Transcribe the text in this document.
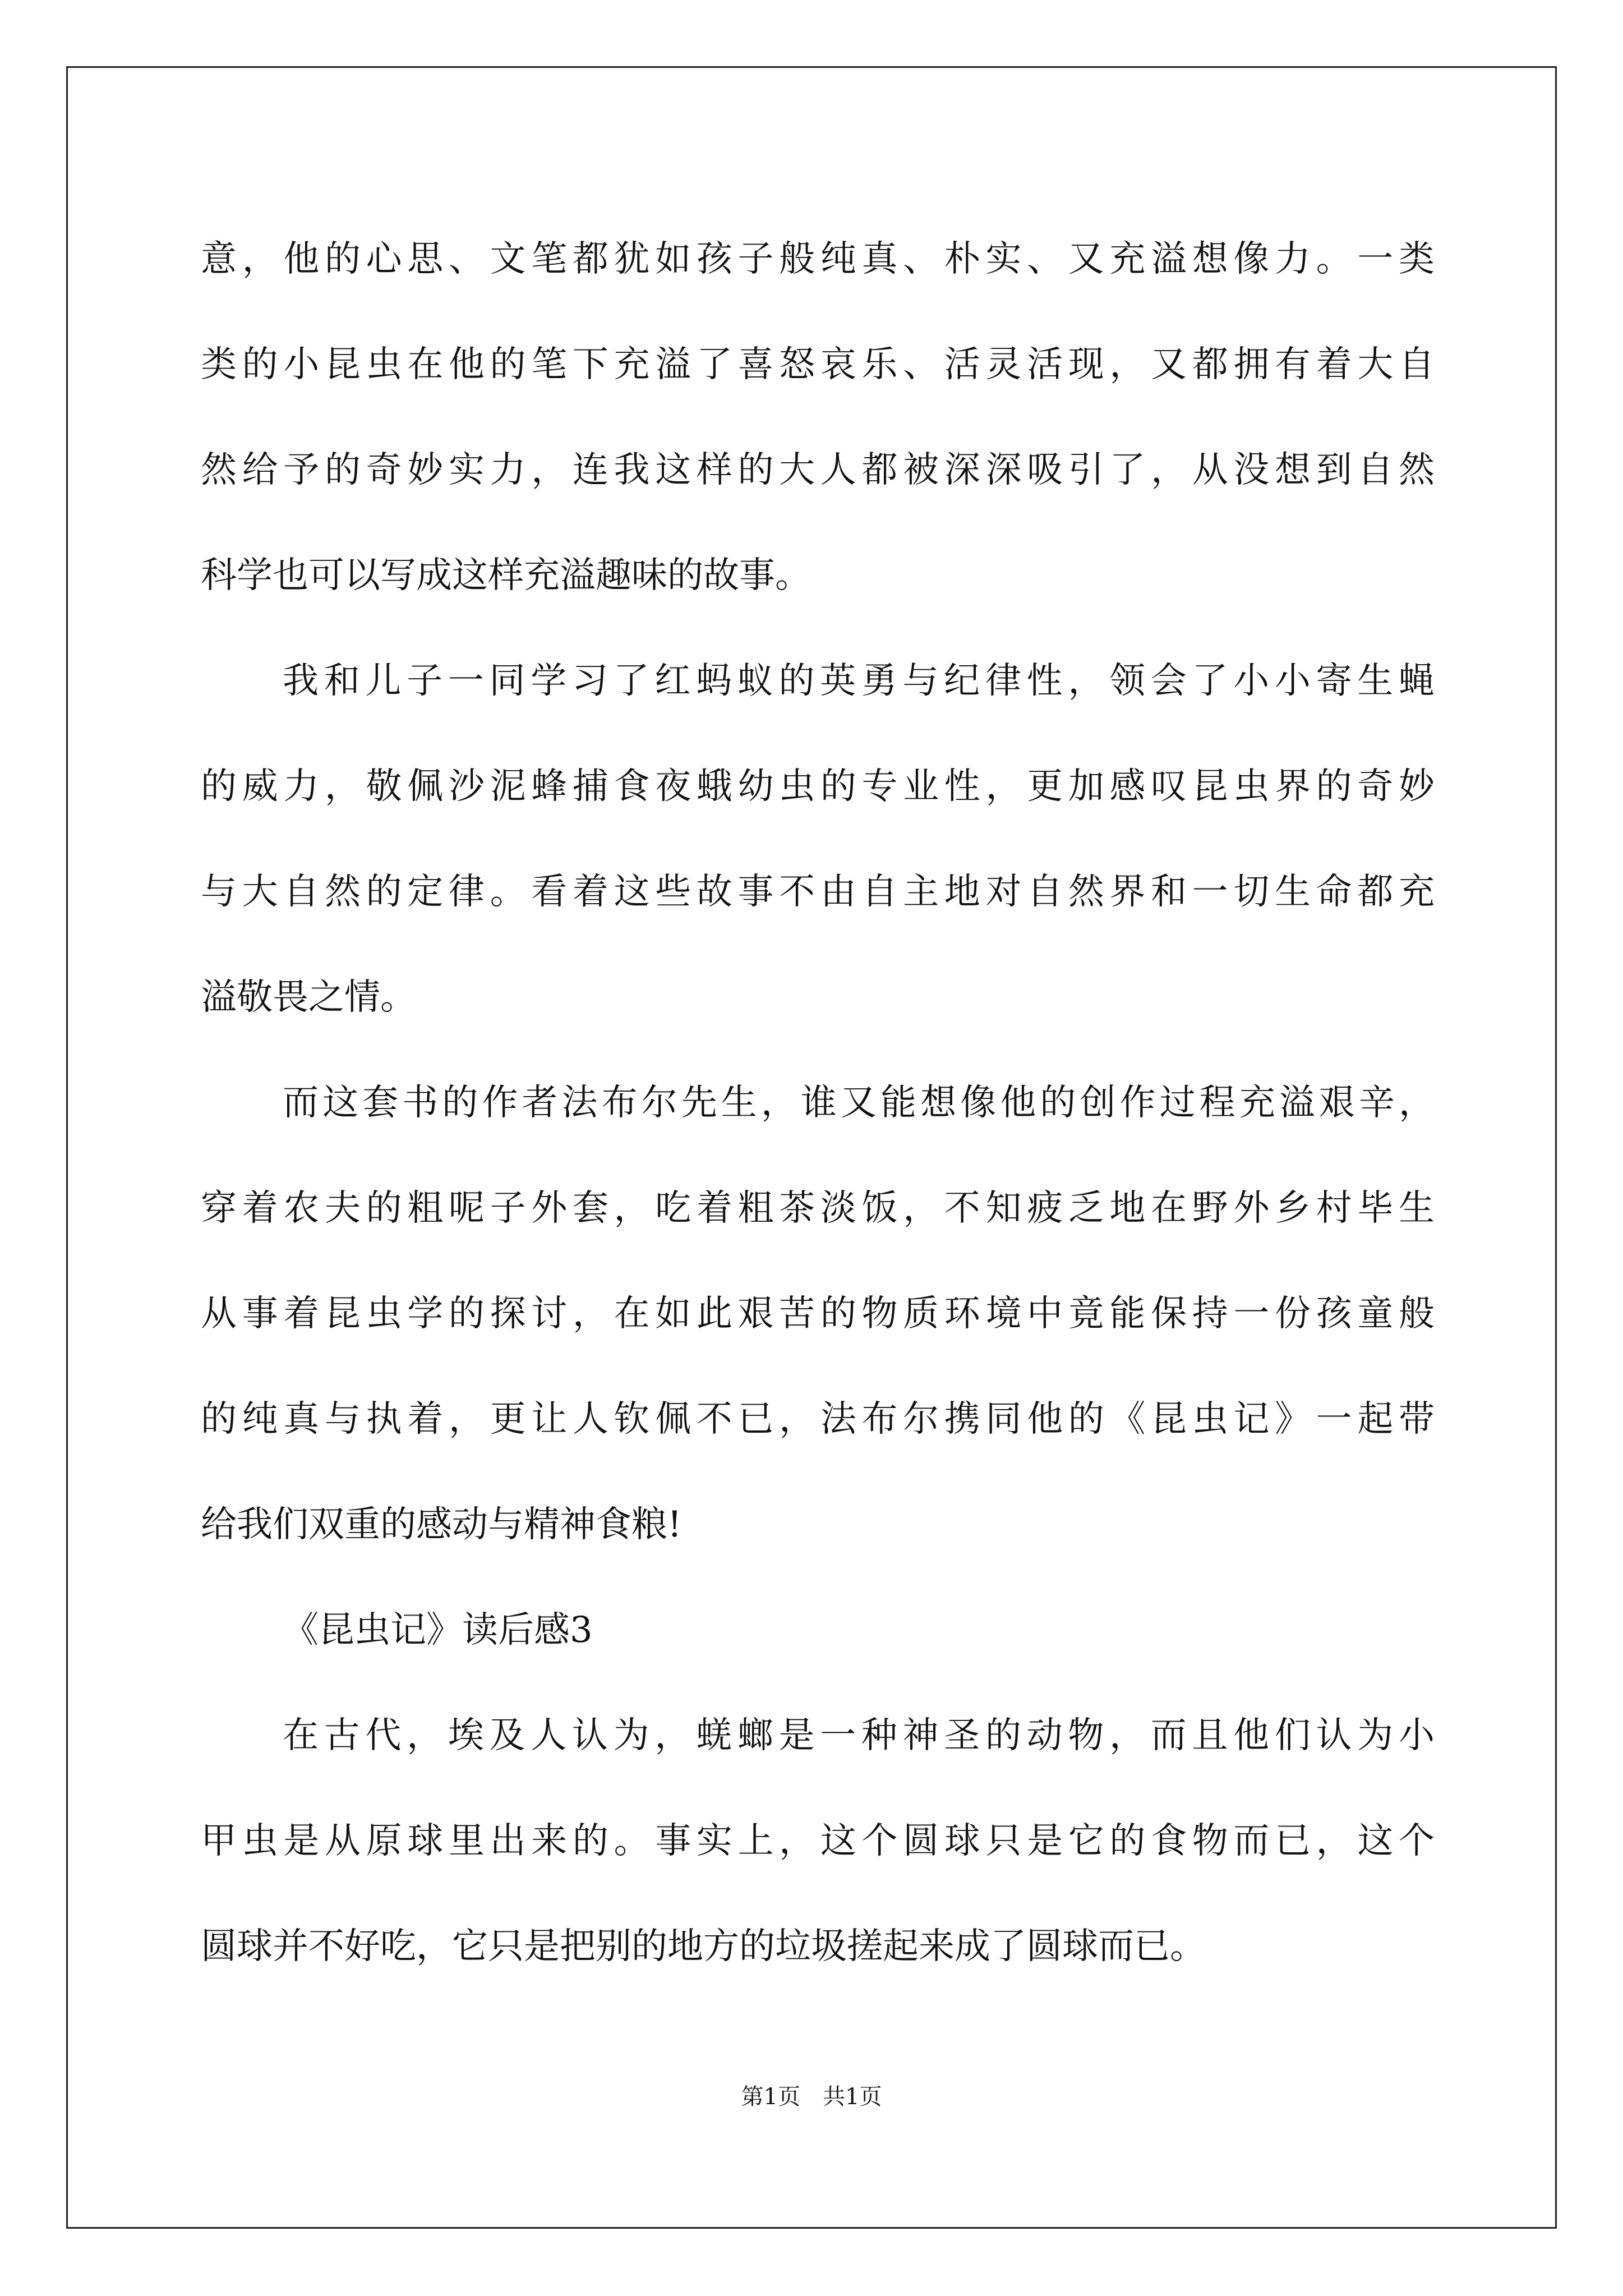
意，他的心思、文笔都犹如孩子般纯真、朴实、又充溢想像力。一类
类的小昆虫在他的笔下充溢了喜怒哀乐、活灵活现，又都拥有着大自
然给予的奇妙实力，连我这样的大人都被深深吸引了，从没想到自然
科学也可以写成这样充溢趣味的故事。
我和儿子一同学习了红蚂蚁的英勇与纪律性，领会了小小寄生蝇
的威力，敬佩沙泥蜂捕食夜蛾幼虫的专业性，更加感叹昆虫界的奇妙
与大自然的定律。看着这些故事不由自主地对自然界和一切生命都充
溢敬畏之情。
而这套书的作者法布尔先生，谁又能想像他的创作过程充溢艰辛，
穿着农夫的粗呢子外套，吃着粗茶淡饭，不知疲乏地在野外乡村毕生
从事着昆虫学的探讨，在如此艰苦的物质环境中竟能保持一份孩童般
的纯真与执着，更让人钦佩不已，法布尔携同他的《昆虫记》一起带
给我们双重的感动与精神食粮!
《昆虫记》读后感3
在古代，埃及人认为，蜣螂是一种神圣的动物，而且他们认为小
甲虫是从原球里出来的。事实上，这个圆球只是它的食物而已，这个
圆球并不好吃，它只是把别的地方的垃圾搓起来成了圆球而已。
第1页 共1页
